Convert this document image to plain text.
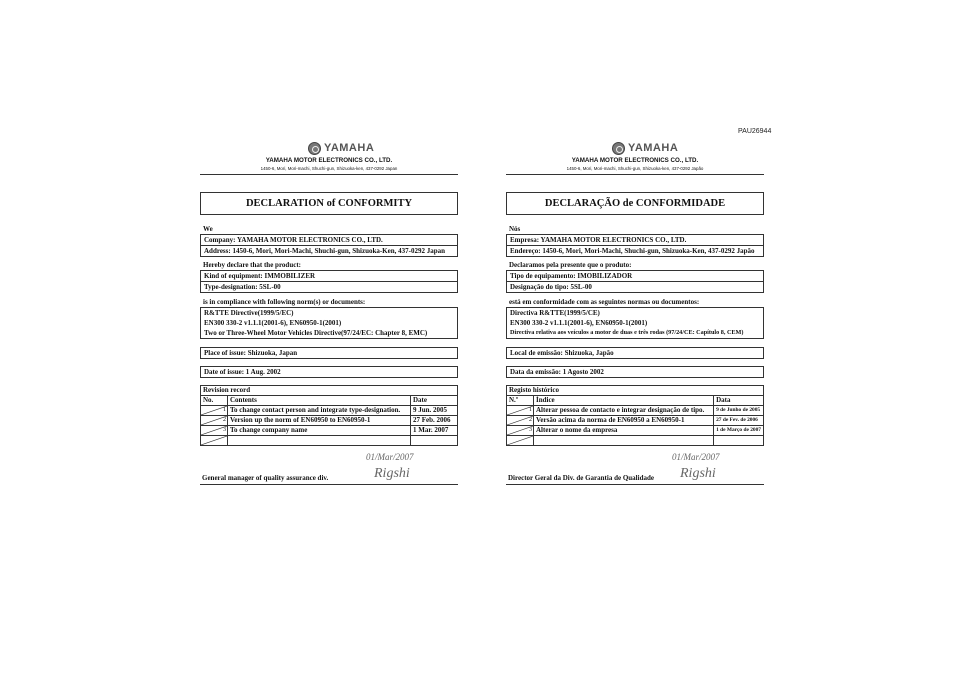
PAU26944
YAMAHA
YAMAHA MOTOR ELECTRONICS CO., LTD.
1450-6, Mori, Mori-machi, Shuchi-gun, Shizuoka-ken, 437-0292 Japan
DECLARATION of CONFORMITY
We
Company: YAMAHA MOTOR ELECTRONICS CO., LTD.
Address: 1450-6, Mori, Mori-Machi, Shuchi-gun, Shizuoka-Ken, 437-0292 Japan
Hereby declare that the product:
Kind of equipment: IMMOBILIZER
Type-designation: 5SL-00
is in compliance with following norm(s) or documents:
R&TTE Directive(1999/5/EC)
EN300 330-2 v1.1.1(2001-6), EN60950-1(2001)
Two or Three-Wheel Motor Vehicles Directive(97/24/EC: Chapter 8, EMC)
Place of issue: Shizuoka, Japan
Date of issue: 1 Aug. 2002
Revision record		
No.	Contents	Date
1	To change contact person and integrate type-designation.	9 Jun. 2005
2	Version up the norm of EN60950 to EN60950-1	27 Feb. 2006
3	To change company name	1 Mar. 2007

General manager of quality assurance div.
01/Mar/2007
Rigshi
YAMAHA
YAMAHA MOTOR ELECTRONICS CO., LTD.
1450-6, Mori, Mori-machi, Shuchi-gun, Shizuoka-ken, 437-0292 Japão
DECLARAÇÃO de CONFORMIDADE
Nós
Empresa: YAMAHA MOTOR ELECTRONICS CO., LTD.
Endereço: 1450-6, Mori, Mori-Machi, Shuchi-gun, Shizuoka-Ken, 437-0292 Japão
Declaramos pela presente que o produto:
Tipo de equipamento: IMOBILIZADOR
Designação do tipo: 5SL-00
está em conformidade com as seguintes normas ou documentos:
Directiva R&TTE(1999/5/CE)
EN300 330-2 v1.1.1(2001-6), EN60950-1(2001)
Directiva relativa aos veículos a motor de duas e três rodas (97/24/CE: Capítulo 8, CEM)
Local de emissão: Shizuoka, Japão
Data da emissão: 1 Agosto 2002
Registo histórico		
N.º	Índice	Data
1	Alterar pessoa de contacto e integrar designação de tipo.	9 de Junho de 2005
2	Versão acima da norma de EN60950 a EN60950-1	27 de Fev. de 2006
3	Alterar o nome da empresa	1 de Março de 2007

Director Geral da Div. de Garantia de Qualidade
01/Mar/2007
Rigshi
